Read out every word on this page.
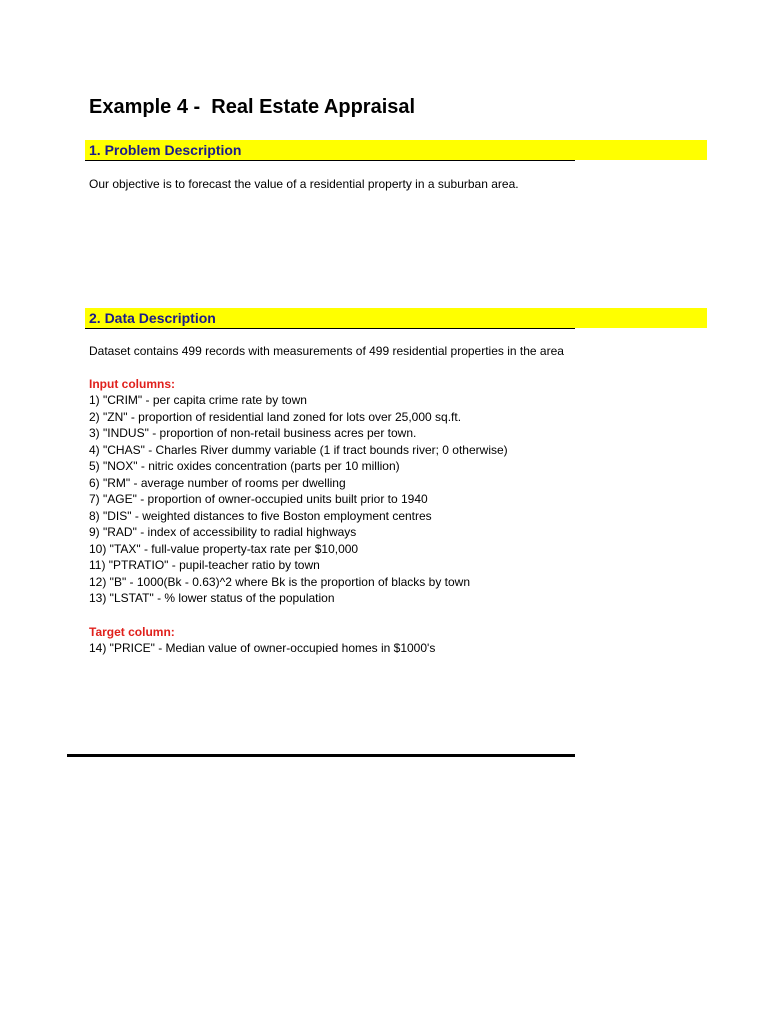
Example 4 -  Real Estate Appraisal
1. Problem Description
Our objective is to forecast the value of a residential property in a suburban area.
2. Data Description
Dataset contains 499 records with measurements of 499 residential properties in the area
Input columns:
1) "CRIM" - per capita crime rate by town
2) "ZN" - proportion of residential land zoned for lots over 25,000 sq.ft.
3) "INDUS" - proportion of non-retail business acres per town.
4) "CHAS" - Charles River dummy variable (1 if tract bounds river; 0 otherwise)
5) "NOX" - nitric oxides concentration (parts per 10 million)
6) "RM" - average number of rooms per dwelling
7) "AGE" - proportion of owner-occupied units built prior to 1940
8) "DIS" - weighted distances to five Boston employment centres
9) "RAD" - index of accessibility to radial highways
10) "TAX" - full-value property-tax rate per $10,000
11) "PTRATIO" - pupil-teacher ratio by town
12) "B" - 1000(Bk - 0.63)^2 where Bk is the proportion of blacks by town
13) "LSTAT" - % lower status of the population
Target column:
14) "PRICE" - Median value of owner-occupied homes in $1000's
